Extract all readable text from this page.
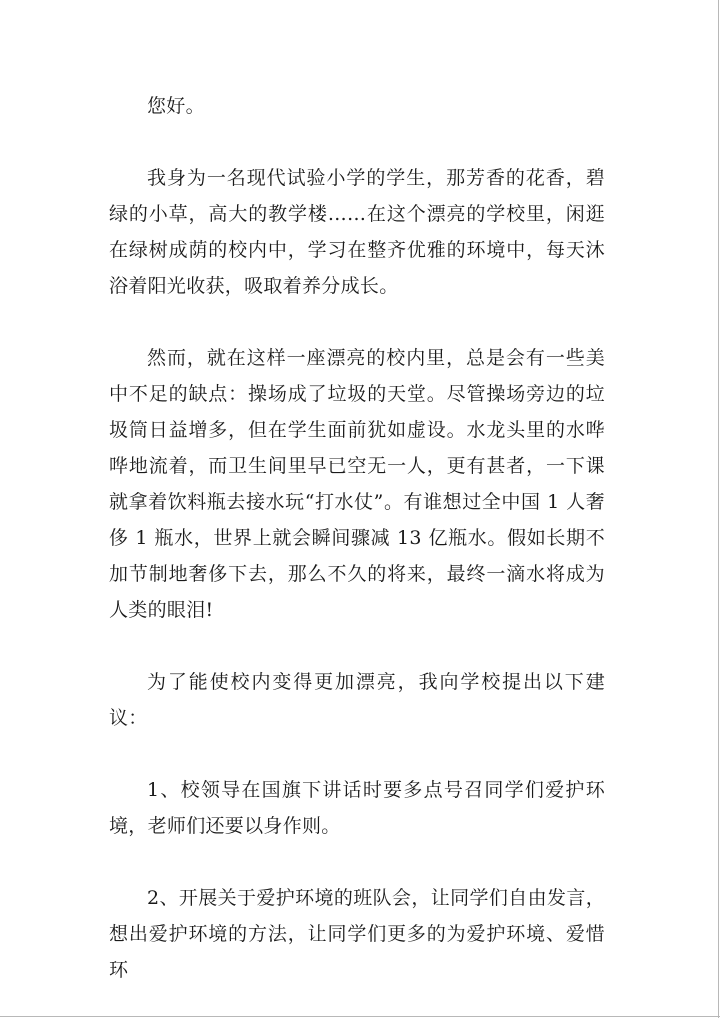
您好。

我身为一名现代试验小学的学生，那芳香的花香，碧绿的小草，高大的教学楼……在这个漂亮的学校里，闲逛在绿树成荫的校内中，学习在整齐优雅的环境中，每天沐浴着阳光收获，吸取着养分成长。

然而，就在这样一座漂亮的校内里，总是会有一些美中不足的缺点：操场成了垃圾的天堂。尽管操场旁边的垃圾筒日益增多，但在学生面前犹如虚设。水龙头里的水哗哗地流着，而卫生间里早已空无一人，更有甚者，一下课就拿着饮料瓶去接水玩“打水仗”。有谁想过全中国 1 人奢侈 1 瓶水，世界上就会瞬间骤减 13 亿瓶水。假如长期不加节制地奢侈下去，那么不久的将来，最终一滴水将成为人类的眼泪!

为了能使校内变得更加漂亮，我向学校提出以下建议：

1、校领导在国旗下讲话时要多点号召同学们爱护环境，老师们还要以身作则。

2、开展关于爱护环境的班队会，让同学们自由发言，想出爱护环境的方法，让同学们更多的为爱护环境、爱惜环
